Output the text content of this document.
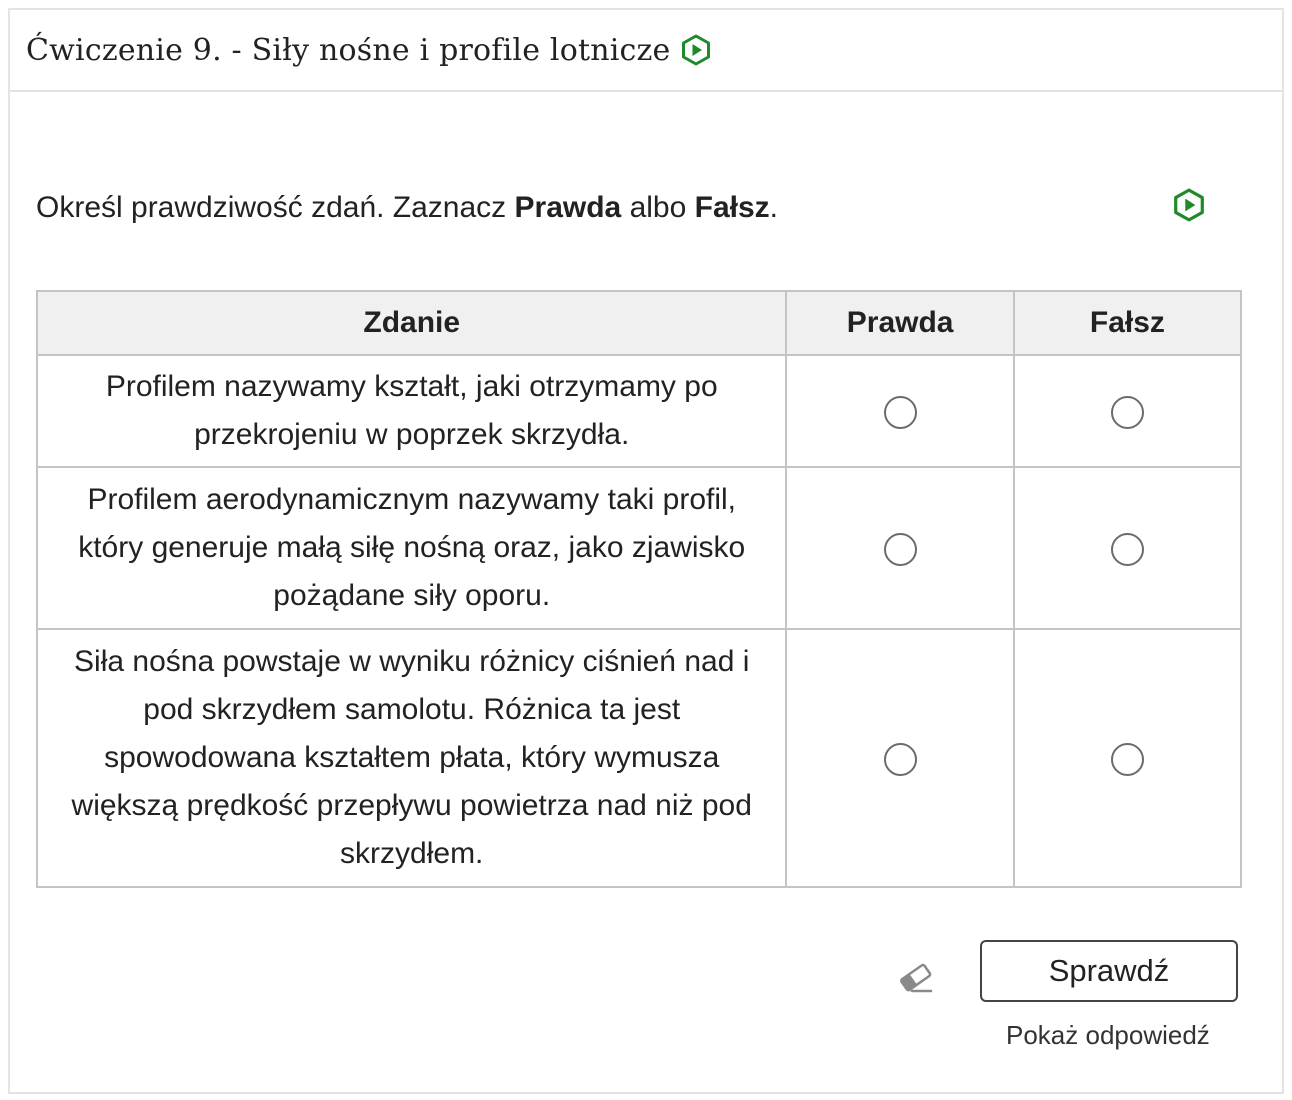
Ćwiczenie 9. - Siły nośne i profile lotnicze
Określ prawdziwość zdań. Zaznacz Prawda albo Fałsz.
Zdanie	Prawda	Fałsz
Profilem nazywamy kształt, jaki otrzymamy po przekrojeniu w poprzek skrzydła.		
Profilem aerodynamicznym nazywamy taki profil, który generuje małą siłę nośną oraz, jako zjawisko pożądane siły oporu.		
Siła nośna powstaje w wyniku różnicy ciśnień nad i pod skrzydłem samolotu. Różnica ta jest spowodowana kształtem płata, który wymusza większą prędkość przepływu powietrza nad niż pod skrzydłem.		
Sprawdź
Pokaż odpowiedź
